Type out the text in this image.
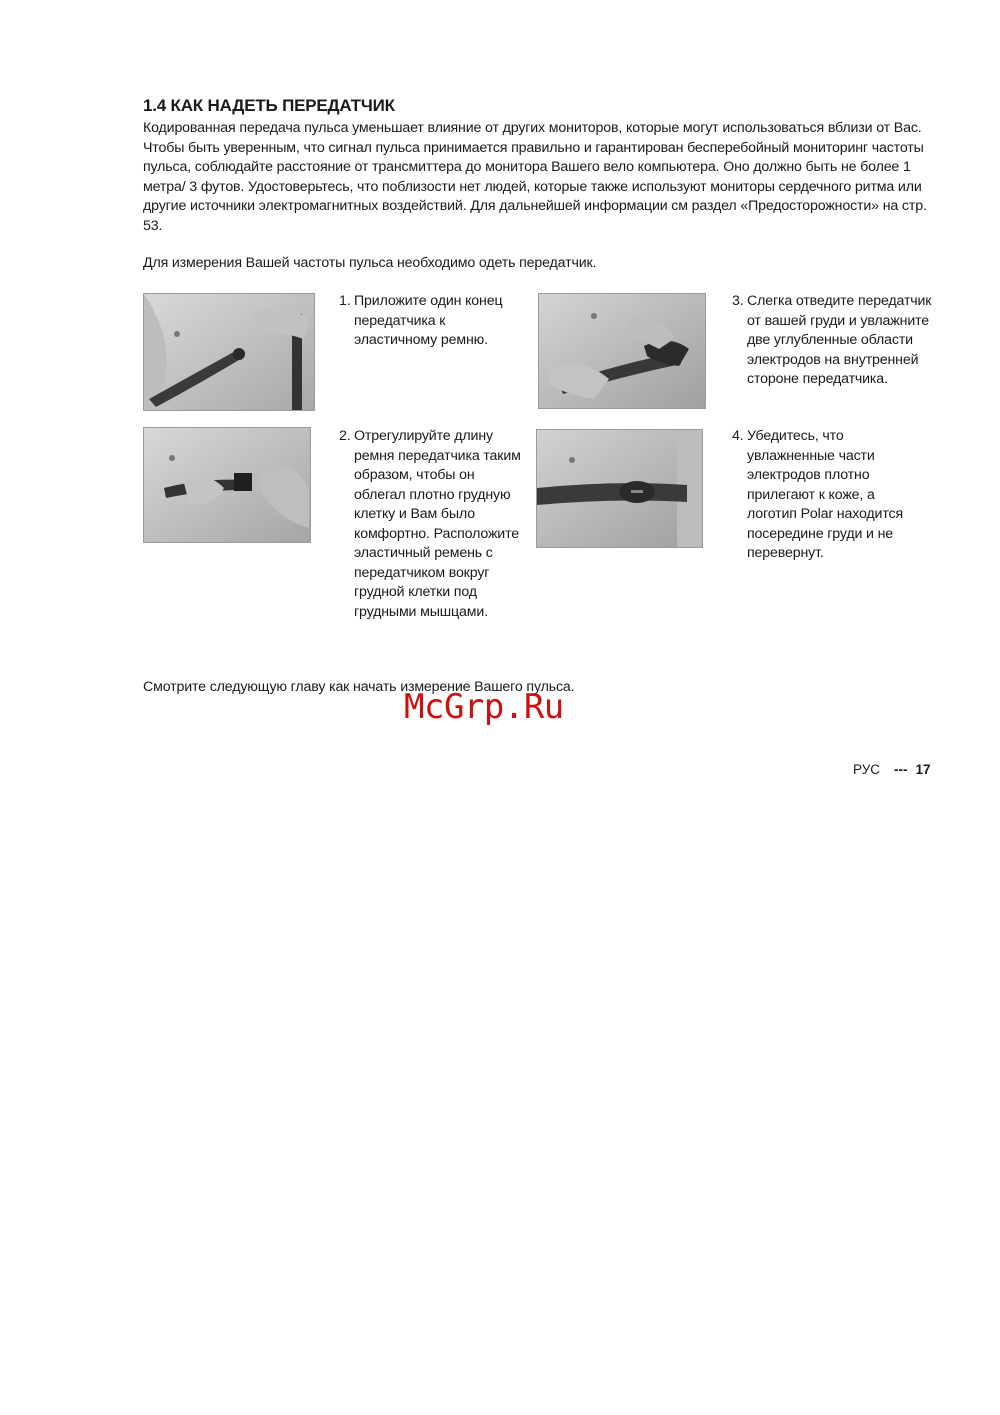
1.4 КАК НАДЕТЬ ПЕРЕДАТЧИК
Кодированная передача пульса уменьшает влияние от других мониторов, которые могут использоваться вблизи от Вас. Чтобы быть уверенным, что сигнал пульса принимается правильно и гарантирован бесперебойный мониторинг частоты пульса, соблюдайте расстояние от трансмиттера до монитора Вашего вело компьютера. Оно должно быть не более 1 метра/ 3 футов. Удостоверьтесь, что поблизости нет людей, которые также используют мониторы сердечного ритма или другие источники электромагнитных воздействий. Для дальнейшей информации см раздел «Предосторожности» на стр. 53.
Для измерения Вашей частоты пульса необходимо одеть передатчик.
1. Приложите один конец передатчика к эластичному ремню.
2. Отрегулируйте длину ремня передатчика таким образом, чтобы он облегал плотно грудную клетку и Вам было комфортно. Расположите эластичный ремень с передатчиком вокруг грудной клетки под грудными мышцами.
3. Слегка отведите передатчик от вашей груди и увлажните две углубленные области электродов на внутренней стороне передатчика.
4. Убедитесь, что увлажненные части электродов плотно прилегают к коже, а логотип Polar находится посередине груди и не перевернут.
Смотрите следующую главу как начать измерение Вашего пульса.
McGrp.Ru
РУС --- 17
